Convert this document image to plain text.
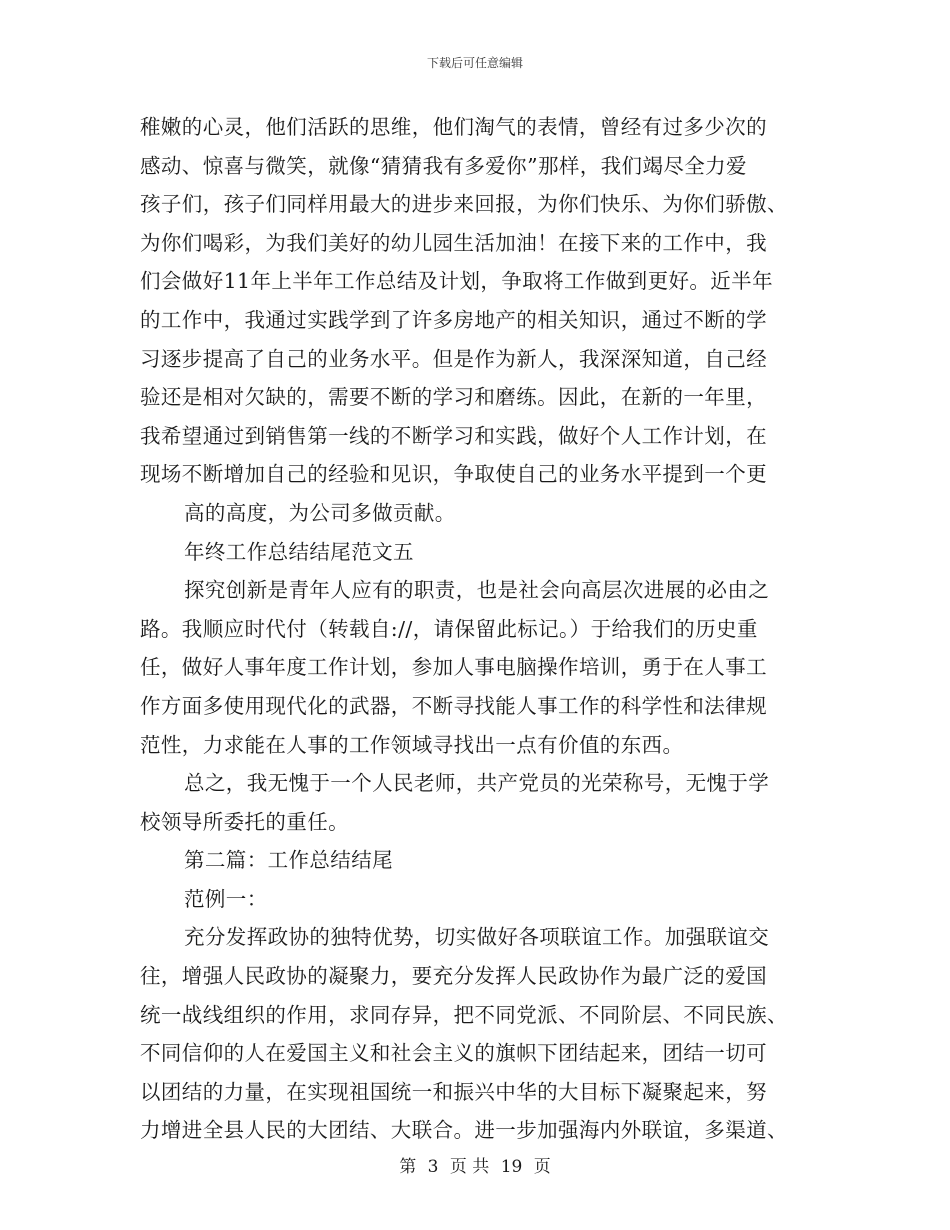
下载后可任意编辑
稚嫩的心灵，他们活跃的思维，他们淘气的表情，曾经有过多少次的
感动、惊喜与微笑，就像“猜猜我有多爱你”那样，我们竭尽全力爱
孩子们，孩子们同样用最大的进步来回报，为你们快乐、为你们骄傲、
为你们喝彩，为我们美好的幼儿园生活加油！在接下来的工作中，我
们会做好11年上半年工作总结及计划，争取将工作做到更好。近半年
的工作中，我通过实践学到了许多房地产的相关知识，通过不断的学
习逐步提高了自己的业务水平。但是作为新人，我深深知道，自己经
验还是相对欠缺的，需要不断的学习和磨练。因此，在新的一年里，
我希望通过到销售第一线的不断学习和实践，做好个人工作计划，在
现场不断增加自己的经验和见识，争取使自己的业务水平提到一个更
高的高度，为公司多做贡献。
年终工作总结结尾范文五
探究创新是青年人应有的职责，也是社会向高层次进展的必由之
路。我顺应时代付（转载自://，请保留此标记。）于给我们的历史重
任，做好人事年度工作计划，参加人事电脑操作培训，勇于在人事工
作方面多使用现代化的武器，不断寻找能人事工作的科学性和法律规
范性，力求能在人事的工作领域寻找出一点有价值的东西。
总之，我无愧于一个人民老师，共产党员的光荣称号，无愧于学
校领导所委托的重任。
第二篇：工作总结结尾
范例一：
充分发挥政协的独特优势，切实做好各项联谊工作。加强联谊交
往，增强人民政协的凝聚力，要充分发挥人民政协作为最广泛的爱国
统一战线组织的作用，求同存异，把不同党派、不同阶层、不同民族、
不同信仰的人在爱国主义和社会主义的旗帜下团结起来，团结一切可
以团结的力量，在实现祖国统一和振兴中华的大目标下凝聚起来，努
力增进全县人民的大团结、大联合。进一步加强海内外联谊，多渠道、
第 3 页 共 19 页
